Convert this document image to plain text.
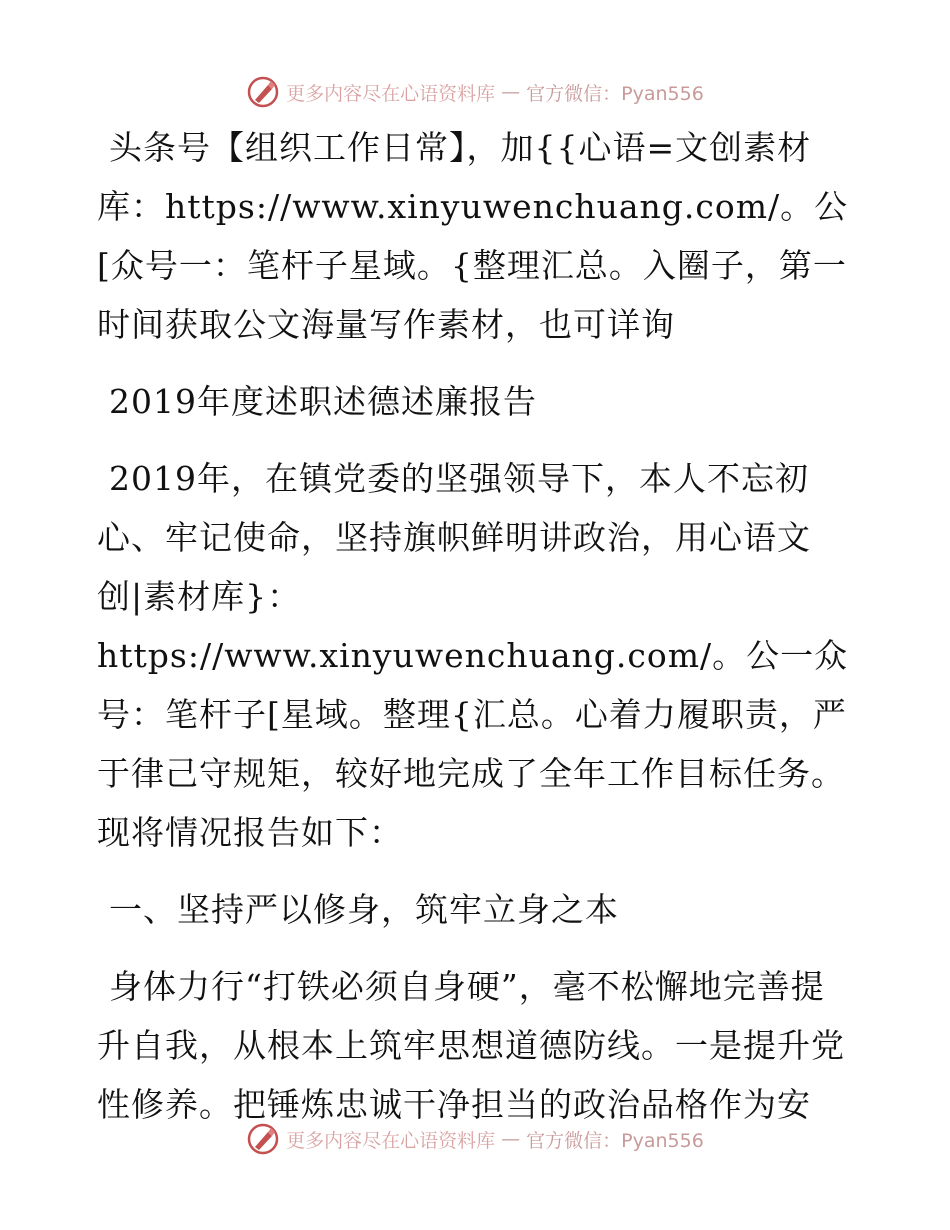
更多内容尽在心语资料库 — 官方微信：Pyan556

头条号【组织工作日常】，加{{心语=文创素材库：https://www.xinyuwenchuang.com/。公[众号一：笔杆子星域。{整理汇总。入圈子，第一时间获取公文海量写作素材，也可详询

2019年度述职述德述廉报告

2019年，在镇党委的坚强领导下，本人不忘初心、牢记使命，坚持旗帜鲜明讲政治，用心语文创|素材库}：https://www.xinyuwenchuang.com/。公一众号：笔杆子[星域。整理{汇总。心着力履职责，严于律己守规矩，较好地完成了全年工作目标任务。现将情况报告如下：

一、坚持严以修身，筑牢立身之本

身体力行“打铁必须自身硬”，毫不松懈地完善提升自我，从根本上筑牢思想道德防线。一是提升党性修养。把锤炼忠诚干净担当的政治品格作为安

更多内容尽在心语资料库 — 官方微信：Pyan556
